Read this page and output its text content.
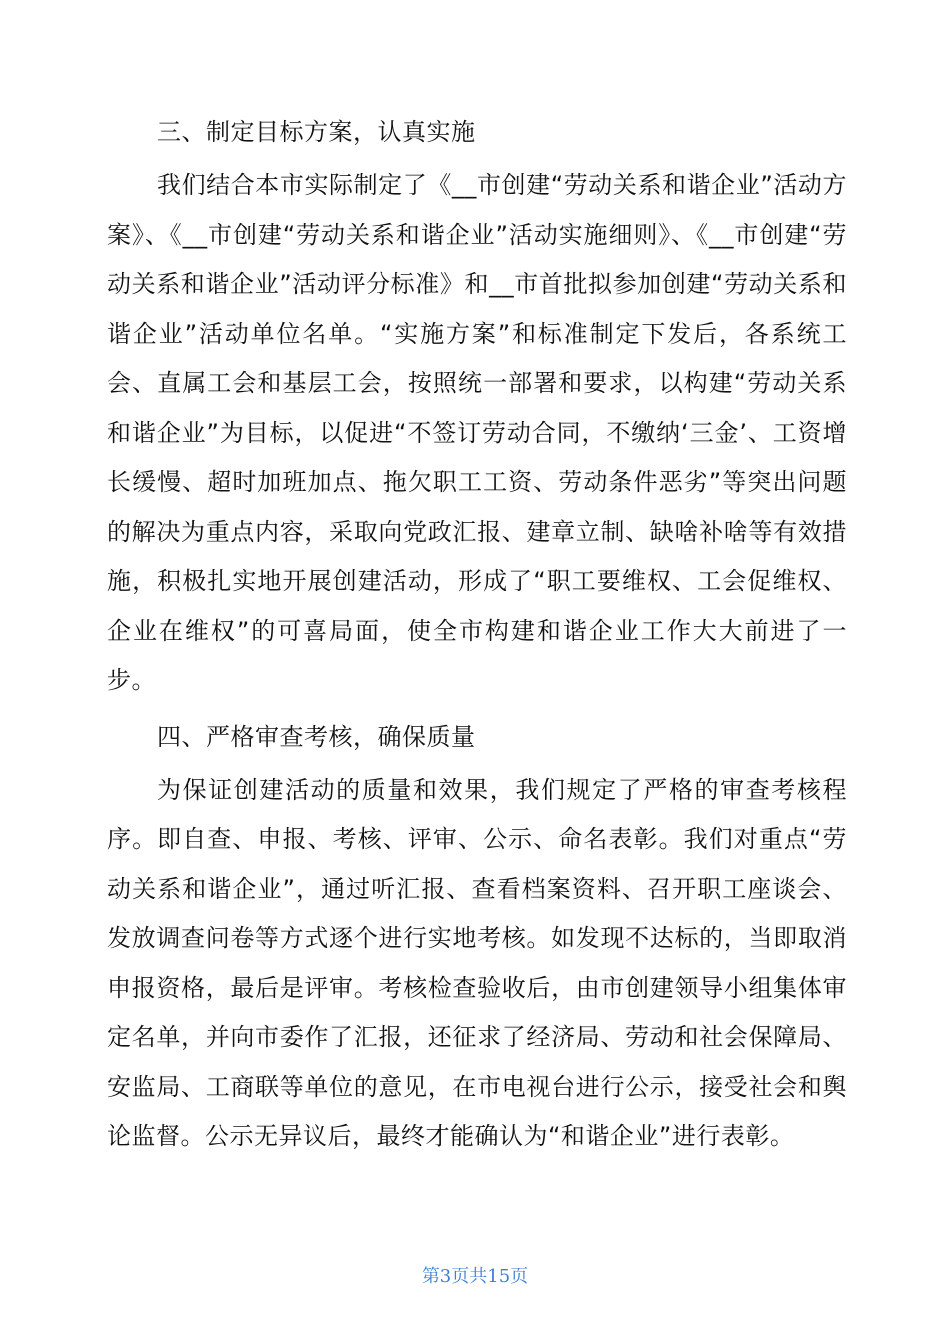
三、制定目标方案，认真实施
我们结合本市实际制定了《__市创建“劳动关系和谐企业”活动方案》、《__市创建“劳动关系和谐企业”活动实施细则》、《__市创建“劳动关系和谐企业”活动评分标准》和__市首批拟参加创建“劳动关系和谐企业”活动单位名单。“实施方案”和标准制定下发后，各系统工会、直属工会和基层工会，按照统一部署和要求，以构建“劳动关系和谐企业”为目标，以促进“不签订劳动合同，不缴纳‘三金’、工资增长缓慢、超时加班加点、拖欠职工工资、劳动条件恶劣”等突出问题的解决为重点内容，采取向党政汇报、建章立制、缺啥补啥等有效措施，积极扎实地开展创建活动，形成了“职工要维权、工会促维权、企业在维权”的可喜局面，使全市构建和谐企业工作大大前进了一步。
四、严格审查考核，确保质量
为保证创建活动的质量和效果，我们规定了严格的审查考核程序。即自查、申报、考核、评审、公示、命名表彰。我们对重点“劳动关系和谐企业”，通过听汇报、查看档案资料、召开职工座谈会、发放调查问卷等方式逐个进行实地考核。如发现不达标的，当即取消申报资格，最后是评审。考核检查验收后，由市创建领导小组集体审定名单，并向市委作了汇报，还征求了经济局、劳动和社会保障局、安监局、工商联等单位的意见，在市电视台进行公示，接受社会和舆论监督。公示无异议后，最终才能确认为“和谐企业”进行表彰。
第3页共15页
